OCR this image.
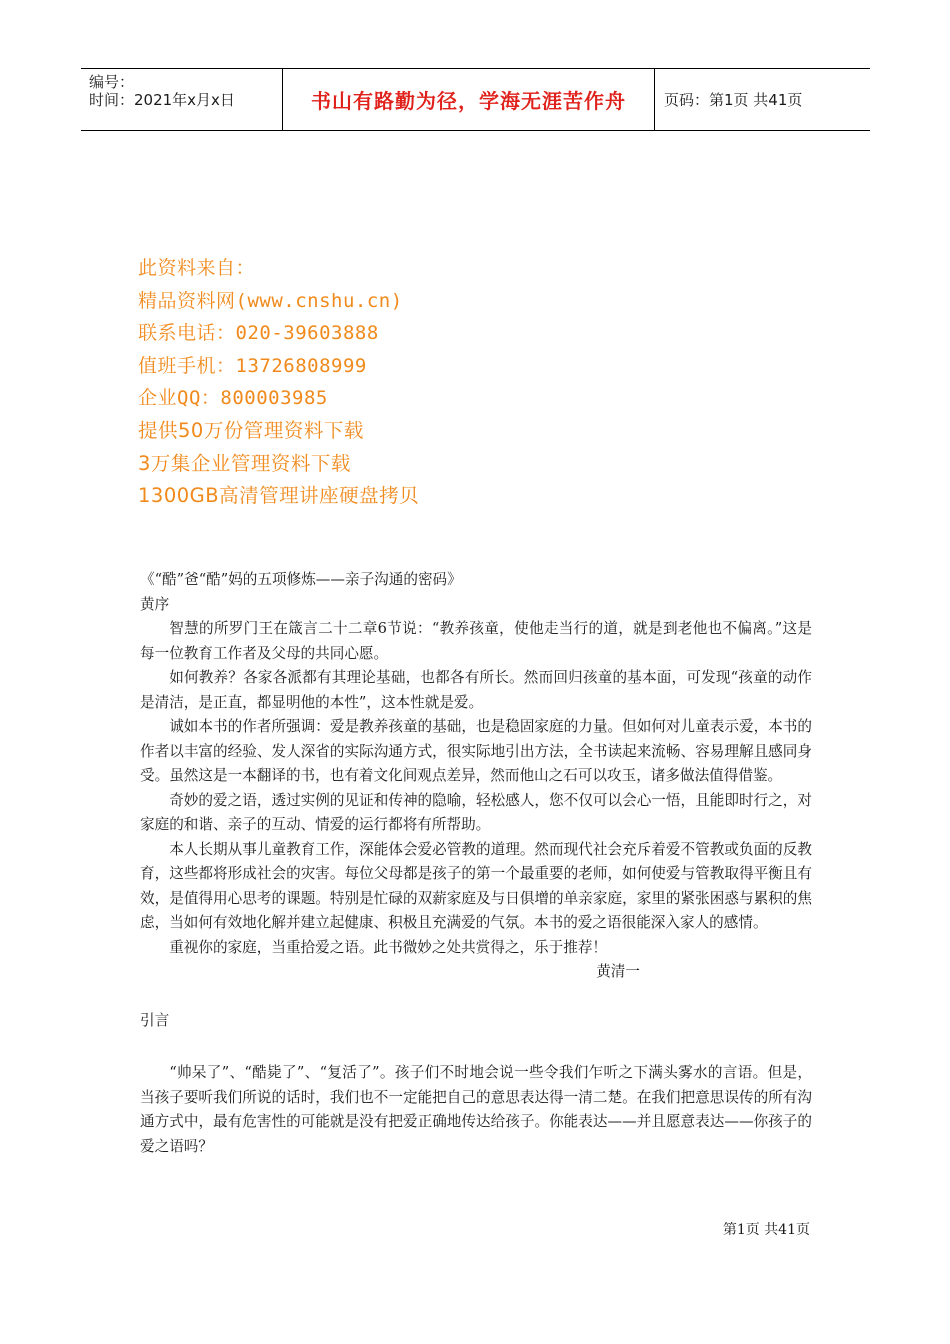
编号：
时间：2021年x月x日	书山有路勤为径，学海无涯苦作舟	页码：第1页 共41页
此资料来自：
精品资料网(www.cnshu.cn)
联系电话：020-39603888
值班手机：13726808999
企业QQ：800003985
提供50万份管理资料下载
3万集企业管理资料下载
1300GB高清管理讲座硬盘拷贝

《“酷”爸“酷”妈的五项修炼——亲子沟通的密码》

黄序

智慧的所罗门王在箴言二十二章6节说：“教养孩童，使他走当行的道，就是到老他也不偏离。”这是每一位教育工作者及父母的共同心愿。

如何教养？各家各派都有其理论基础，也都各有所长。然而回归孩童的基本面，可发现“孩童的动作是清洁，是正直，都显明他的本性”，这本性就是爱。

诚如本书的作者所强调：爱是教养孩童的基础，也是稳固家庭的力量。但如何对儿童表示爱，本书的作者以丰富的经验、发人深省的实际沟通方式，很实际地引出方法，全书读起来流畅、容易理解且感同身受。虽然这是一本翻译的书，也有着文化间观点差异，然而他山之石可以攻玉，诸多做法值得借鉴。

奇妙的爱之语，透过实例的见证和传神的隐喻，轻松感人，您不仅可以会心一悟，且能即时行之，对家庭的和谐、亲子的互动、情爱的运行都将有所帮助。

本人长期从事儿童教育工作，深能体会爱必管教的道理。然而现代社会充斥着爱不管教或负面的反教育，这些都将形成社会的灾害。每位父母都是孩子的第一个最重要的老师，如何使爱与管教取得平衡且有效，是值得用心思考的课题。特别是忙碌的双薪家庭及与日俱增的单亲家庭，家里的紧张困惑与累积的焦虑，当如何有效地化解并建立起健康、积极且充满爱的气氛。本书的爱之语很能深入家人的感情。

重视你的家庭，当重拾爱之语。此书微妙之处共赏得之，乐于推荐！

黄清一

引言

“帅呆了”、“酷毙了”、“复活了”。孩子们不时地会说一些令我们乍听之下满头雾水的言语。但是，当孩子要听我们所说的话时，我们也不一定能把自己的意思表达得一清二楚。在我们把意思误传的所有沟通方式中，最有危害性的可能就是没有把爱正确地传达给孩子。你能表达——并且愿意表达——你孩子的爱之语吗？

第1页 共41页
